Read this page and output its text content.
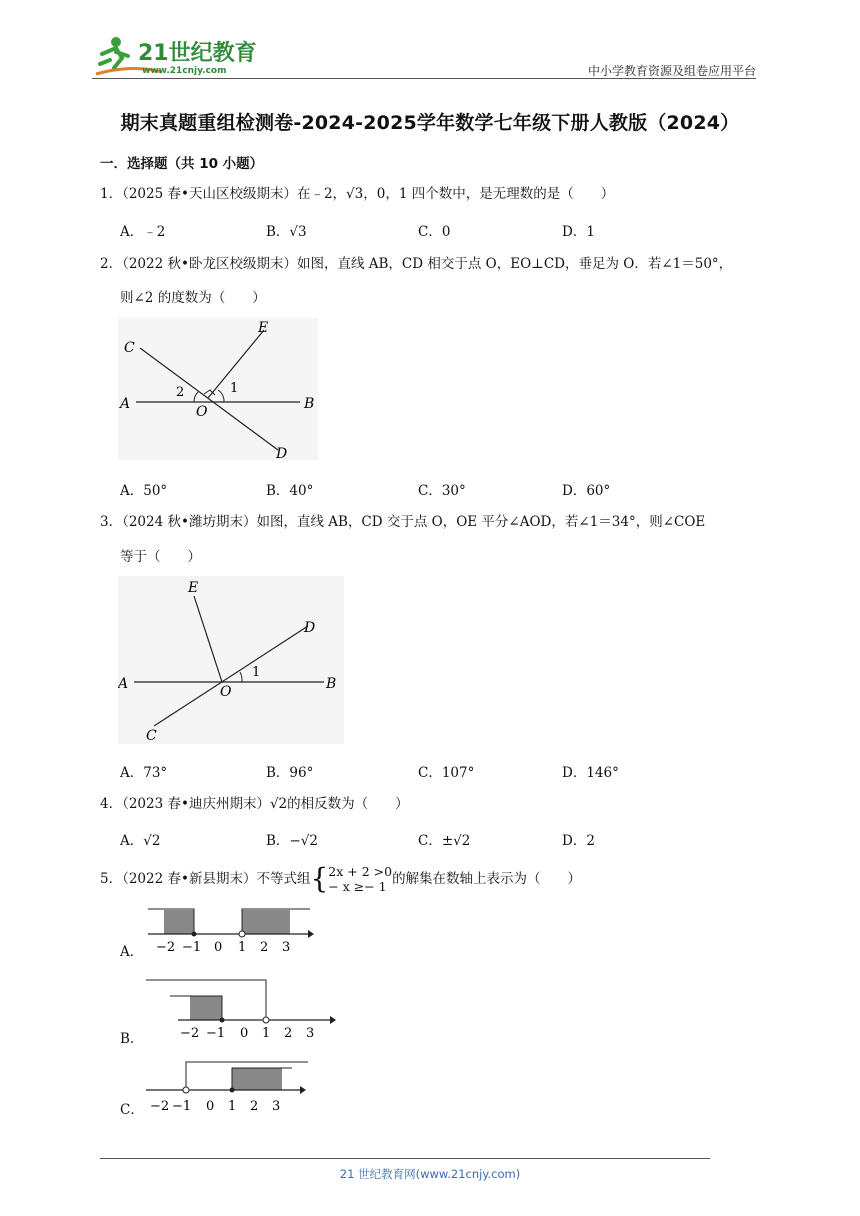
21世纪教育
www.21cnjy.com	中小学教育资源及组卷应用平台
期末真题重组检测卷-2024-2025学年数学七年级下册人教版（2024）
一．选择题（共 10 小题）
1．（2025 春•天山区校级期末）在﹣2，√3，0，1 四个数中，是无理数的是（　　）
A．﹣2	B．√3	C．0	D．1
2．（2022 秋•卧龙区校级期末）如图，直线 AB，CD 相交于点 O，EO⊥CD，垂足为 O．若∠1＝50°，
则∠2 的度数为（　　）
C
E
A
2	1
O	B
D
A．50°	B．40°	C．30°	D．60°
3．（2024 秋•潍坊期末）如图，直线 AB，CD 交于点 O，OE 平分∠AOD，若∠1＝34°，则∠COE
等于（　　）
E
D
A
1
O	B
C
A．73°	B．96°	C．107°	D．146°
4．（2023 春•迪庆州期末）√2的相反数为（　　）
A．√2	B．−√2	C．±√2	D．2
5．（2022 春•新县期末）不等式组 { 2x + 2 >0
− x ≥− 1 的解集在数轴上表示为（　　）
A． −2 −1 0 1 2 3
B．	−2 −1 0 1 2 3
C． −2 −1 0 1 2 3
21 世纪教育网(www.21cnjy.com)
